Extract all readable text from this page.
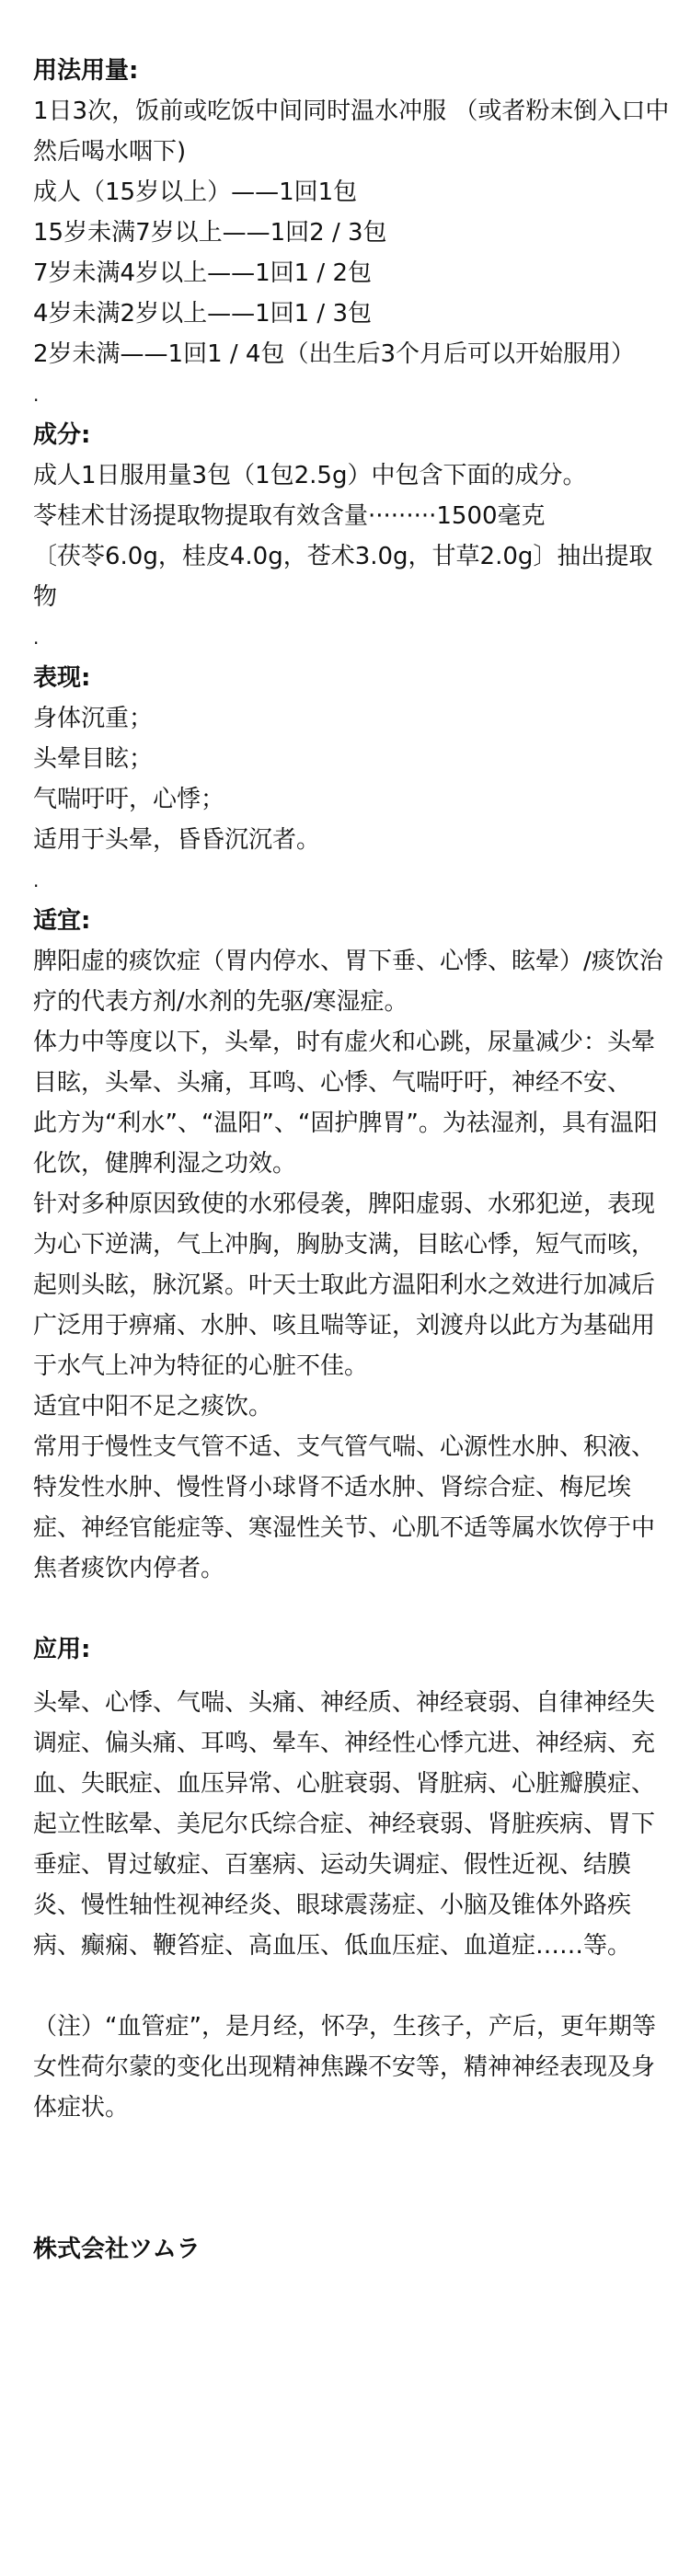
用法用量:
1日3次，饭前或吃饭中间同时温水冲服 （或者粉末倒入口中然后喝水咽下)
成人（15岁以上）——1回1包
15岁未满7岁以上——1回2 / 3包
7岁未满4岁以上——1回1 / 2包
4岁未满2岁以上——1回1 / 3包
2岁未满——1回1 / 4包（出生后3个月后可以开始服用）
.
成分:
成人1日服用量3包（1包2.5g）中包含下面的成分。
苓桂术甘汤提取物提取有效含量·········1500毫克
〔茯苓6.0g，桂皮4.0g，苍术3.0g，甘草2.0g〕抽出提取物
.
表现:
身体沉重；
头晕目眩；
气喘吁吁，心悸；
适用于头晕，昏昏沉沉者。
.
适宜:
脾阳虚的痰饮症（胃内停水、胃下垂、心悸、眩晕）/痰饮治疗的代表方剂/水剂的先驱/寒湿症。
体力中等度以下，头晕，时有虚火和心跳，尿量减少：头晕目眩，头晕、头痛，耳鸣、心悸、气喘吁吁，神经不安、
此方为“利水”、“温阳”、“固护脾胃”。为祛湿剂，具有温阳化饮，健脾利湿之功效。
针对多种原因致使的水邪侵袭，脾阳虚弱、水邪犯逆，表现为心下逆满，气上冲胸，胸胁支满，目眩心悸，短气而咳，起则头眩，脉沉紧。叶天士取此方温阳利水之效进行加减后广泛用于痹痛、水肿、咳且喘等证，刘渡舟以此方为基础用于水气上冲为特征的心脏不佳。
适宜中阳不足之痰饮。
常用于慢性支气管不适、支气管气喘、心源性水肿、积液、特发性水肿、慢性肾小球肾不适水肿、肾综合症、梅尼埃症、神经官能症等、寒湿性关节、心肌不适等属水饮停于中焦者痰饮内停者。
应用:
头晕、心悸、气喘、头痛、神经质、神经衰弱、自律神经失调症、偏头痛、耳鸣、晕车、神经性心悸亢进、神经病、充血、失眠症、血压异常、心脏衰弱、肾脏病、心脏瓣膜症、起立性眩晕、美尼尔氏综合症、神经衰弱、肾脏疾病、胃下垂症、胃过敏症、百塞病、运动失调症、假性近视、结膜炎、慢性轴性视神经炎、眼球震荡症、小脑及锥体外路疾病、癫痫、鞭笞症、高血压、低血压症、血道症……等。
（注）“血管症”，是月经，怀孕，生孩子，产后，更年期等女性荷尔蒙的变化出现精神焦躁不安等，精神神经表现及身体症状。
株式会社ツムラ
